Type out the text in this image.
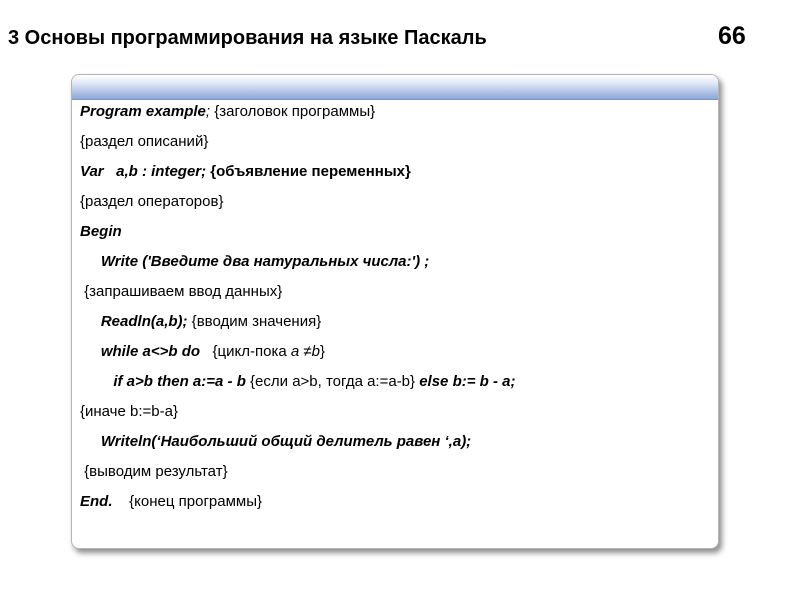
3 Основы программирования на языке Паскаль	66
Program example; {заголовок программы}
{раздел описаний}
Var   a,b : integer; {объявление переменных}
{раздел операторов}
Begin
Write ('Введите два натуральных числа:') ;
{запрашиваем ввод данных}
Readln(a,b); {вводим значения}
while a<>b do   {цикл-пока a ≠b}
if a>b then a:=a - b {если a>b, тогда a:=a-b} else b:= b - a;
{иначе b:=b-a}
Writeln(‘Наибольший общий делитель равен ‘,a);
{выводим результат}
End.    {конец программы}
